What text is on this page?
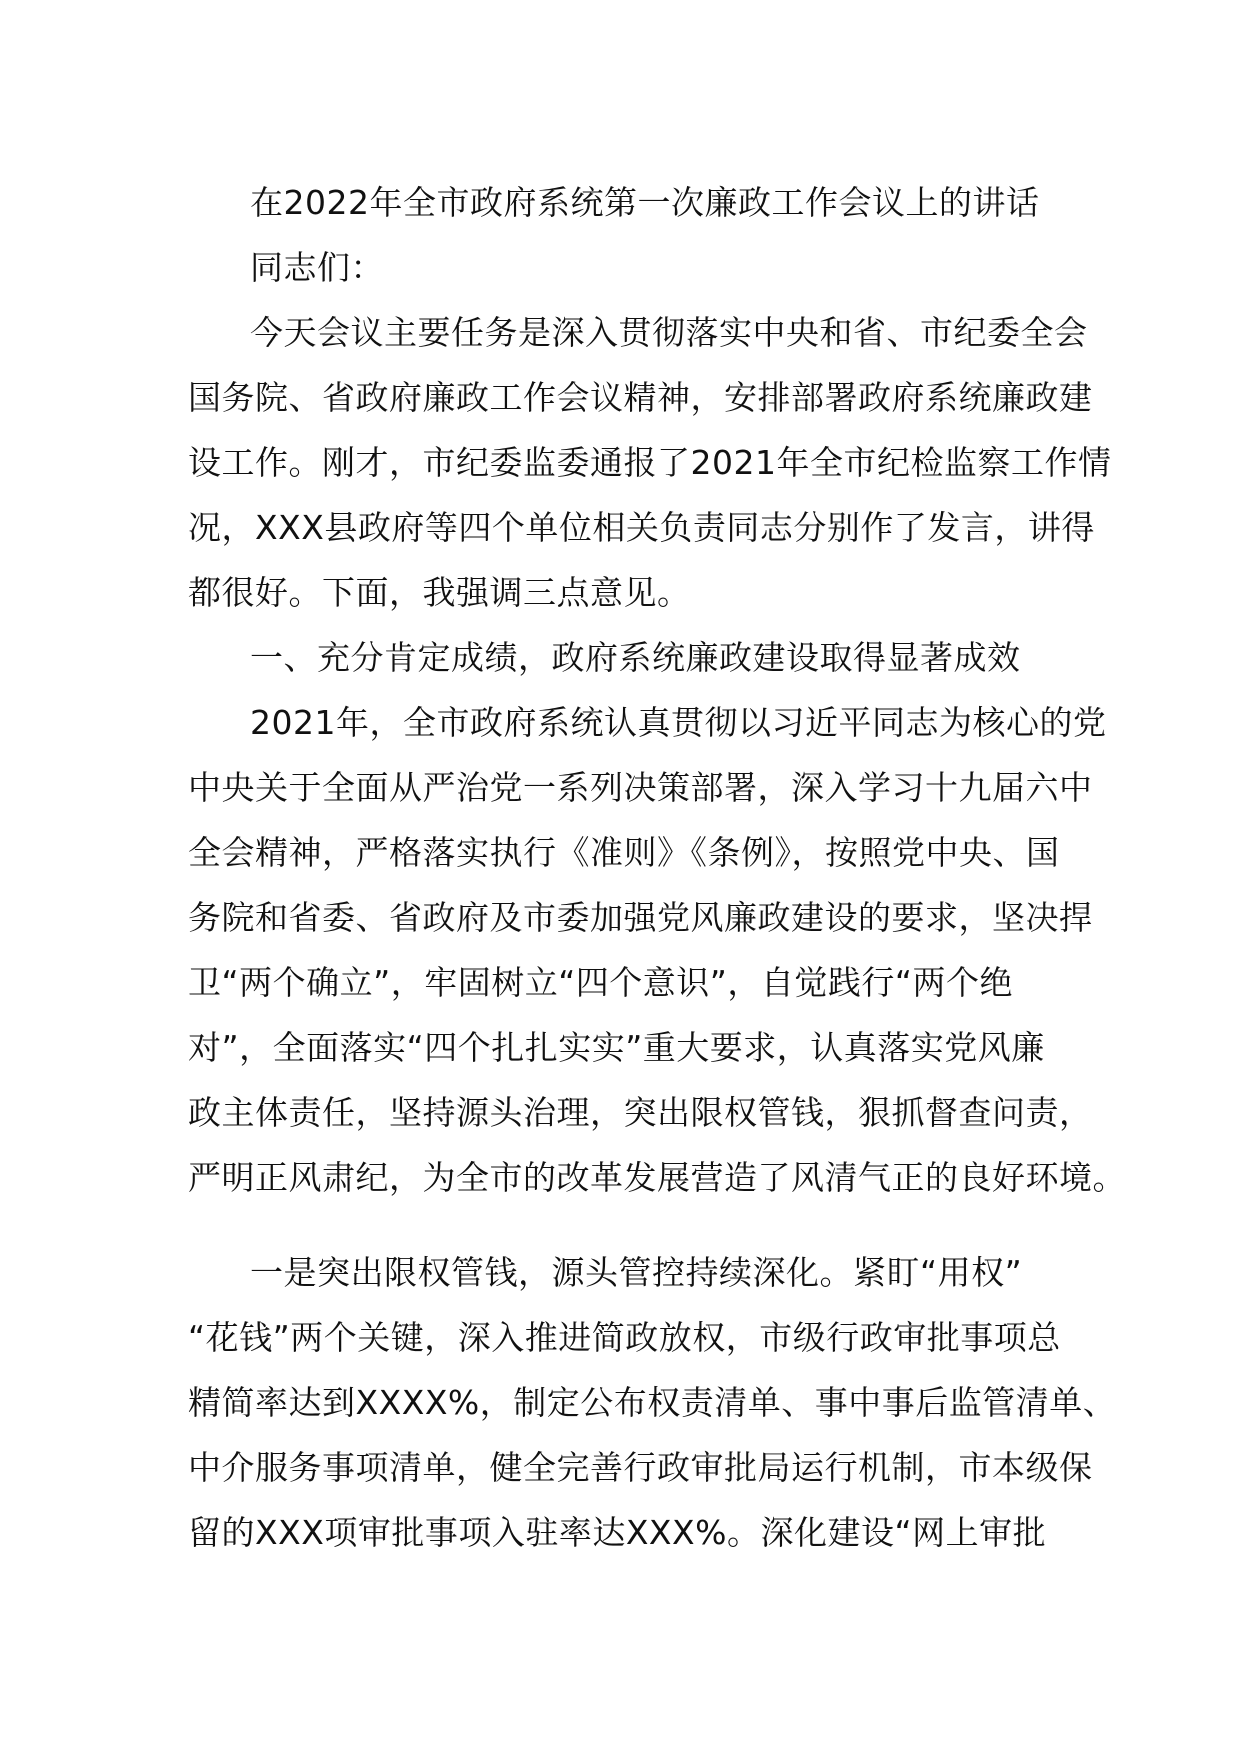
在2022年全市政府系统第一次廉政工作会议上的讲话
同志们：
今天会议主要任务是深入贯彻落实中央和省、市纪委全会
国务院、省政府廉政工作会议精神，安排部署政府系统廉政建
设工作。刚才，市纪委监委通报了2021年全市纪检监察工作情
况，XXX县政府等四个单位相关负责同志分别作了发言，讲得
都很好。下面，我强调三点意见。
一、充分肯定成绩，政府系统廉政建设取得显著成效
2021年，全市政府系统认真贯彻以习近平同志为核心的党
中央关于全面从严治党一系列决策部署，深入学习十九届六中
全会精神，严格落实执行《准则》《条例》，按照党中央、国
务院和省委、省政府及市委加强党风廉政建设的要求，坚决捍
卫“两个确立”，牢固树立“四个意识”，自觉践行“两个绝
对”，全面落实“四个扎扎实实”重大要求，认真落实党风廉
政主体责任，坚持源头治理，突出限权管钱，狠抓督查问责，
严明正风肃纪，为全市的改革发展营造了风清气正的良好环境。
一是突出限权管钱，源头管控持续深化。紧盯“用权”
“花钱”两个关键，深入推进简政放权，市级行政审批事项总
精简率达到XXXX%，制定公布权责清单、事中事后监管清单、
中介服务事项清单，健全完善行政审批局运行机制，市本级保
留的XXX项审批事项入驻率达XXX%。深化建设“网上审批
